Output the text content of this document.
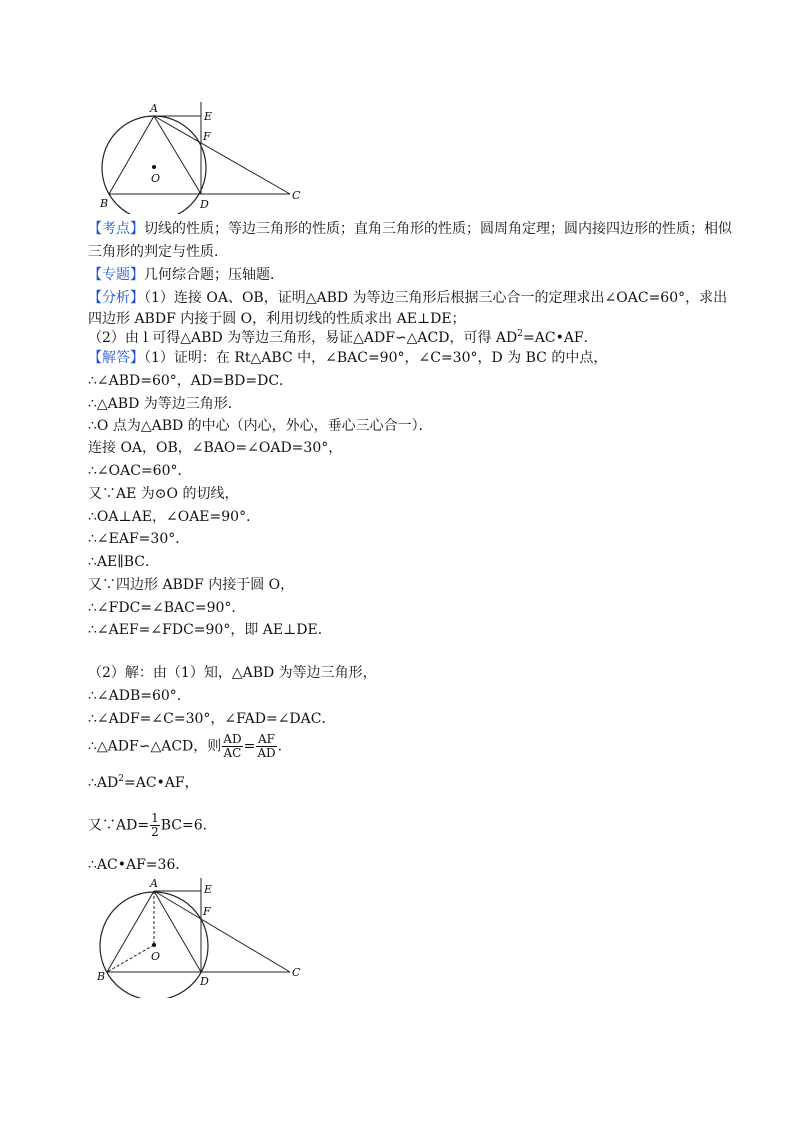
A
E
F
O
B	D
C
【考点】切线的性质；等边三角形的性质；直角三角形的性质；圆周角定理；圆内接四边形的性质；相似
三角形的判定与性质．
【专题】几何综合题；压轴题．
【分析】（1）连接 OA、OB，证明△ABD 为等边三角形后根据三心合一的定理求出∠OAC=60°，求出
四边形 ABDF 内接于圆 O，利用切线的性质求出 AE⊥DE；
（2）由 l 可得△ABD 为等边三角形，易证△ADF∽△ACD，可得 $AD^2=AC•AF$．
【解答】（1）证明：在 Rt△ABC 中，∠BAC=90°，∠C=30°，D 为 BC 的中点，
∴∠ABD=60°，AD=BD=DC．
∴△ABD 为等边三角形．
∴O 点为△ABD 的中心（内心，外心，垂心三心合一）．
连接 OA，OB，∠BAO=∠OAD=30°，
∴∠OAC=60°．
又∵AE 为⊙O 的切线，
∴OA⊥AE，∠OAE=90°．
∴∠EAF=30°．
∴AE∥BC．
又∵四边形 ABDF 内接于圆 O，
∴∠FDC=∠BAC=90°．
∴∠AEF=∠FDC=90°，即 AE⊥DE．
（2）解：由（1）知，△ABD 为等边三角形，
∴∠ADB=60°．
∴∠ADF=∠C=30°，∠FAD=∠DAC．
∴△ADF∽△ACD，则 $\frac{AD}{AC} = \frac{AF}{AD}$ .
$\therefore AD^2=AC•AF$，
又∵AD= $\frac{1}{2} BC=6$．
∴AC•AF=36．
A	E
F
O
B	D
C
